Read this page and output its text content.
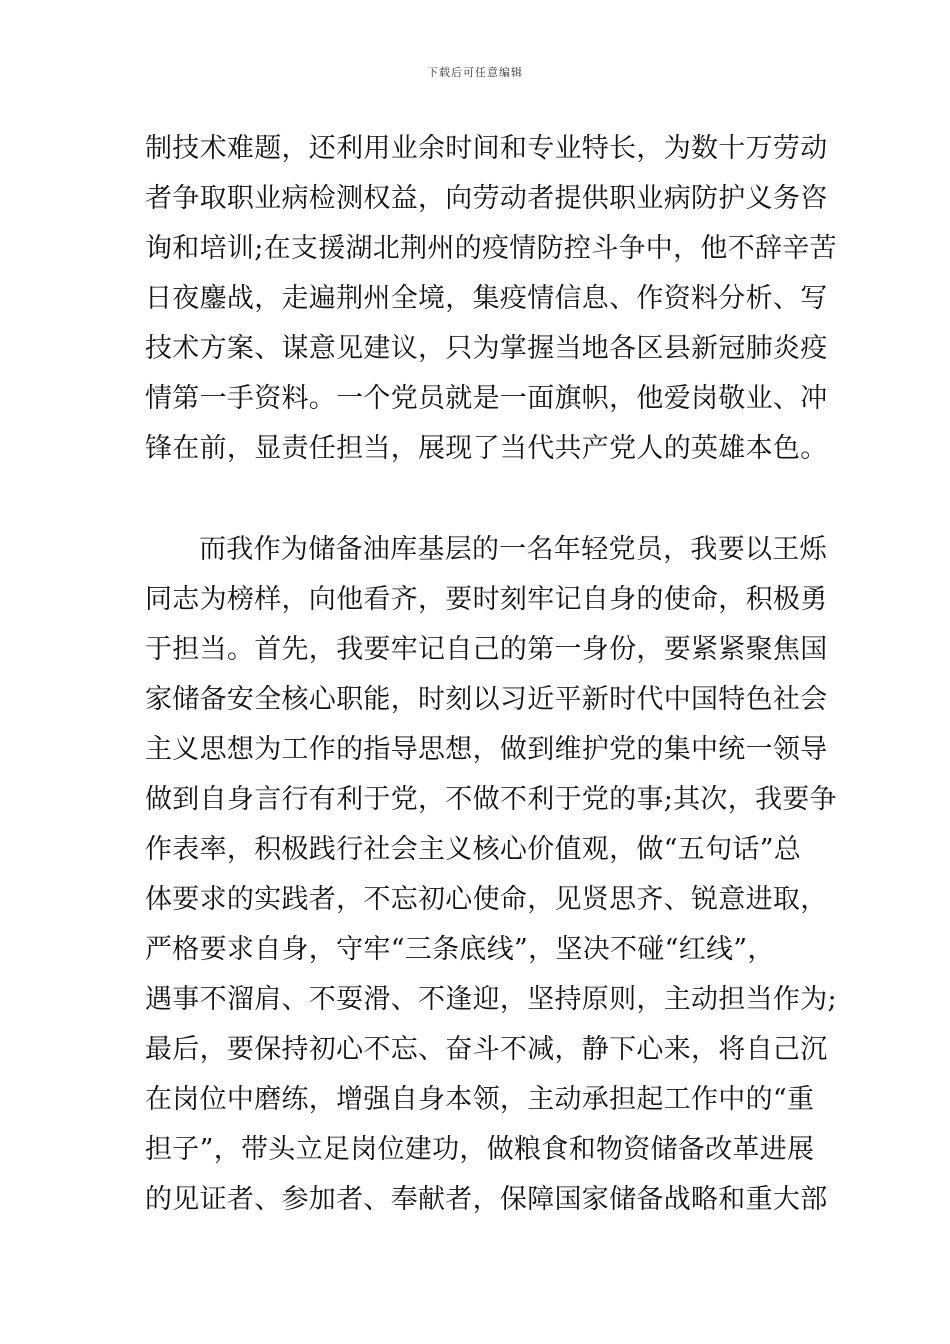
下载后可任意编辑
制技术难题，还利用业余时间和专业特长，为数十万劳动
者争取职业病检测权益，向劳动者提供职业病防护义务咨
询和培训;在支援湖北荆州的疫情防控斗争中，他不辞辛苦
日夜鏖战，走遍荆州全境，集疫情信息、作资料分析、写
技术方案、谋意见建议，只为掌握当地各区县新冠肺炎疫
情第一手资料。一个党员就是一面旗帜，他爱岗敬业、冲
锋在前，显责任担当，展现了当代共产党人的英雄本色。
而我作为储备油库基层的一名年轻党员，我要以王烁
同志为榜样，向他看齐，要时刻牢记自身的使命，积极勇
于担当。首先，我要牢记自己的第一身份，要紧紧聚焦国
家储备安全核心职能，时刻以习近平新时代中国特色社会
主义思想为工作的指导思想，做到维护党的集中统一领导
做到自身言行有利于党，不做不利于党的事;其次，我要争
作表率，积极践行社会主义核心价值观，做“五句话”总
体要求的实践者，不忘初心使命，见贤思齐、锐意进取，
严格要求自身，守牢“三条底线”，坚决不碰“红线”，
遇事不溜肩、不耍滑、不逢迎，坚持原则，主动担当作为;
最后，要保持初心不忘、奋斗不减，静下心来，将自己沉
在岗位中磨练，增强自身本领，主动承担起工作中的“重
担子”，带头立足岗位建功，做粮食和物资储备改革进展
的见证者、参加者、奉献者，保障国家储备战略和重大部
